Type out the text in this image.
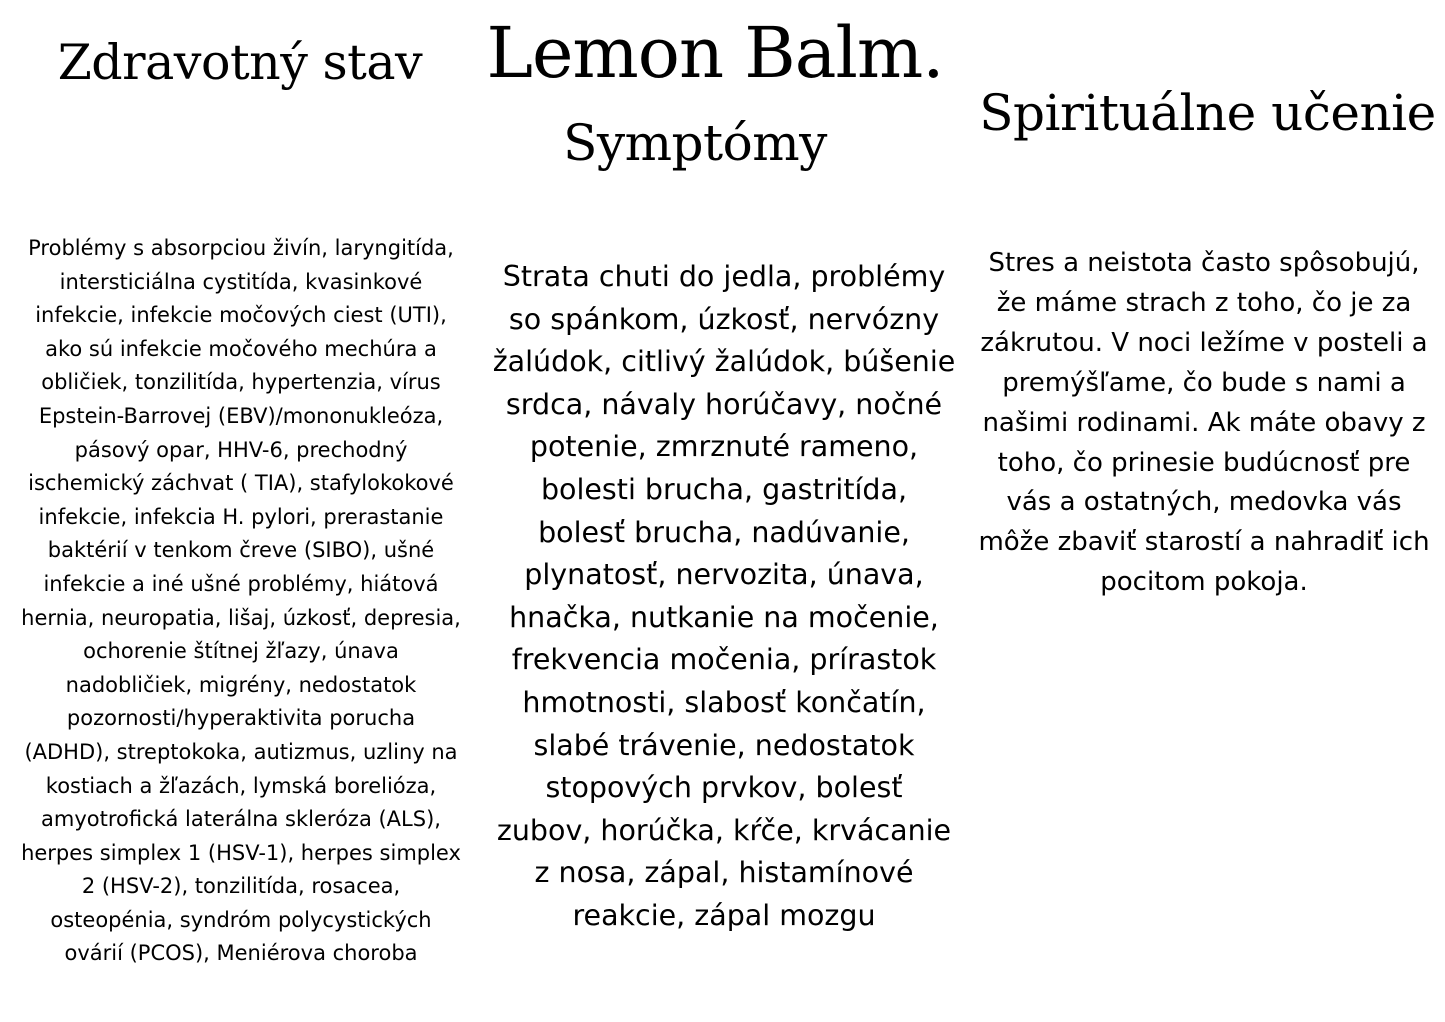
Lemon Balm.
Zdravotný stav
Symptómy
Spirituálne učenie
Problémy s absorpciou živín, laryngitída,
intersticiálna cystitída, kvasinkové
infekcie, infekcie močových ciest (UTI),
ako sú infekcie močového mechúra a
obličiek, tonzilitída, hypertenzia, vírus
Epstein-Barrovej (EBV)/mononukleóza,
pásový opar, HHV-6, prechodný
ischemický záchvat ( TIA), stafylokokové
infekcie, infekcia H. pylori, prerastanie
baktérií v tenkom čreve (SIBO), ušné
infekcie a iné ušné problémy, hiátová
hernia, neuropatia, lišaj, úzkosť, depresia,
ochorenie štítnej žľazy, únava
nadobličiek, migrény, nedostatok
pozornosti/hyperaktivita porucha
(ADHD), streptokoka, autizmus, uzliny na
kostiach a žľazách, lymská borelióza,
amyotrofická laterálna skleróza (ALS),
herpes simplex 1 (HSV-1), herpes simplex
2 (HSV-2), tonzilitída, rosacea,
osteopénia, syndróm polycystických
ovárií (PCOS), Meniérova choroba
Strata chuti do jedla, problémy
so spánkom, úzkosť, nervózny
žalúdok, citlivý žalúdok, búšenie
srdca, návaly horúčavy, nočné
potenie, zmrznuté rameno,
bolesti brucha, gastritída,
bolesť brucha, nadúvanie,
plynatosť, nervozita, únava,
hnačka, nutkanie na močenie,
frekvencia močenia, prírastok
hmotnosti, slabosť končatín,
slabé trávenie, nedostatok
stopových prvkov, bolesť
zubov, horúčka, kŕče, krvácanie
z nosa, zápal, histamínové
reakcie, zápal mozgu
Stres a neistota často spôsobujú,
že máme strach z toho, čo je za
zákrutou. V noci ležíme v posteli a
premýšľame, čo bude s nami a
našimi rodinami. Ak máte obavy z
toho, čo prinesie budúcnosť pre
vás a ostatných, medovka vás
môže zbaviť starostí a nahradiť ich
pocitom pokoja.
